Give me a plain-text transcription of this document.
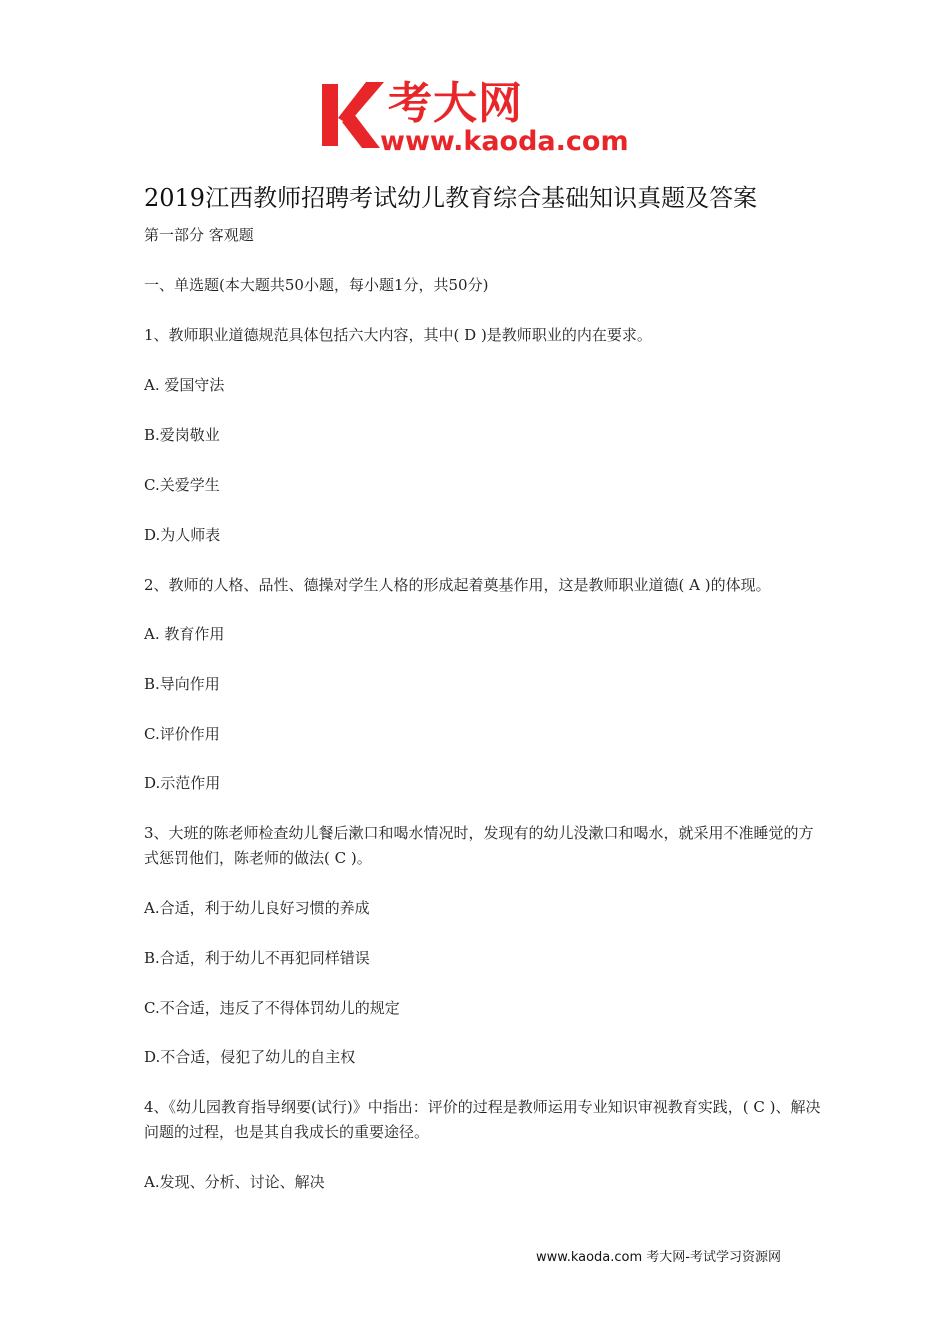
考大网
www.kaoda.com
2019江西教师招聘考试幼儿教育综合基础知识真题及答案
第一部分 客观题
一、单选题(本大题共50小题，每小题1分，共50分)
1、教师职业道德规范具体包括六大内容，其中( D )是教师职业的内在要求。
A. 爱国守法
B.爱岗敬业
C.关爱学生
D.为人师表
2、教师的人格、品性、德操对学生人格的形成起着奠基作用，这是教师职业道德( A )的体现。
A. 教育作用
B.导向作用
C.评价作用
D.示范作用
3、大班的陈老师检查幼儿餐后漱口和喝水情况时，发现有的幼儿没漱口和喝水，就采用不准睡觉的方式惩罚他们，陈老师的做法( C )。
A.合适，利于幼儿良好习惯的养成
B.合适，利于幼儿不再犯同样错误
C.不合适，违反了不得体罚幼儿的规定
D.不合适，侵犯了幼儿的自主权
4、《幼儿园教育指导纲要(试行)》中指出：评价的过程是教师运用专业知识审视教育实践，( C )、解决问题的过程，也是其自我成长的重要途径。
A.发现、分析、讨论、解决
www.kaoda.com 考大网-考试学习资源网
